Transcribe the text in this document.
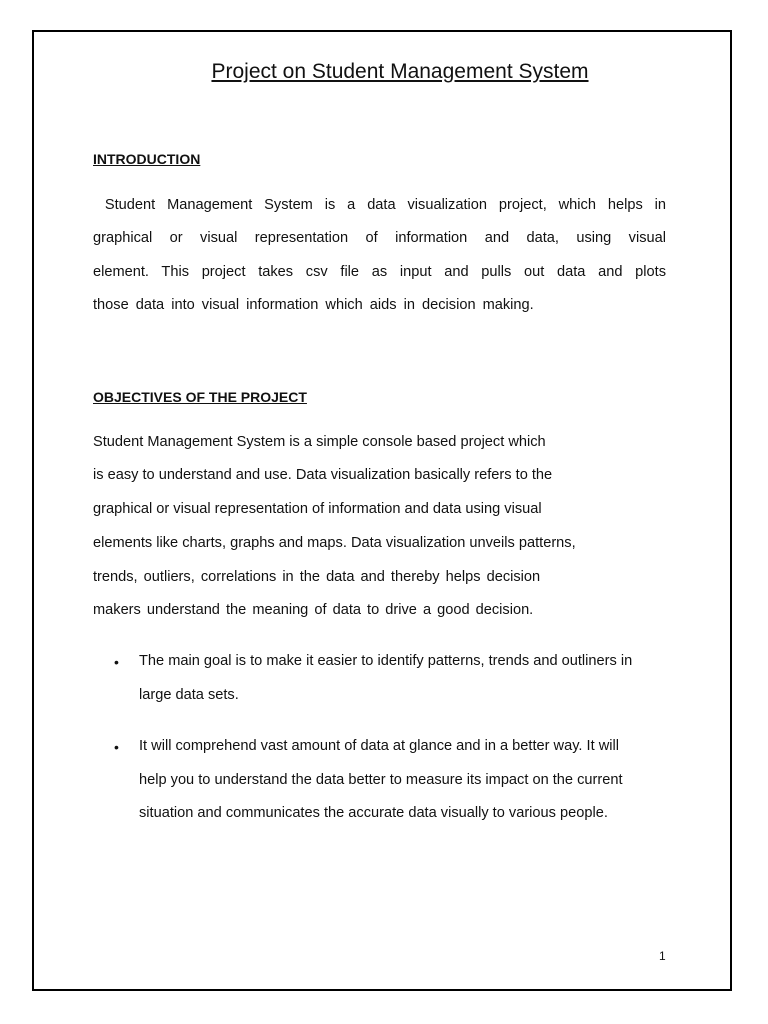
Project on Student Management System
INTRODUCTION
Student Management System is a data visualization project, which helps in
graphical or visual representation of information and data, using visual
element. This project takes csv file as input and pulls out data and plots
those data into visual information which aids in decision making.
OBJECTIVES OF THE PROJECT
Student Management System is a simple console based project which
is easy to understand and use. Data visualization basically refers to the
graphical or visual representation of information and data using visual
elements like charts, graphs and maps. Data visualization unveils patterns,
trends, outliers, correlations in the data and thereby helps decision
makers understand the meaning of data to drive a good decision.
• The main goal is to make it easier to identify patterns, trends and outliners in
large data sets.
• It will comprehend vast amount of data at glance and in a better way. It will
help you to understand the data better to measure its impact on the current
situation and communicates the accurate data visually to various people.
1
